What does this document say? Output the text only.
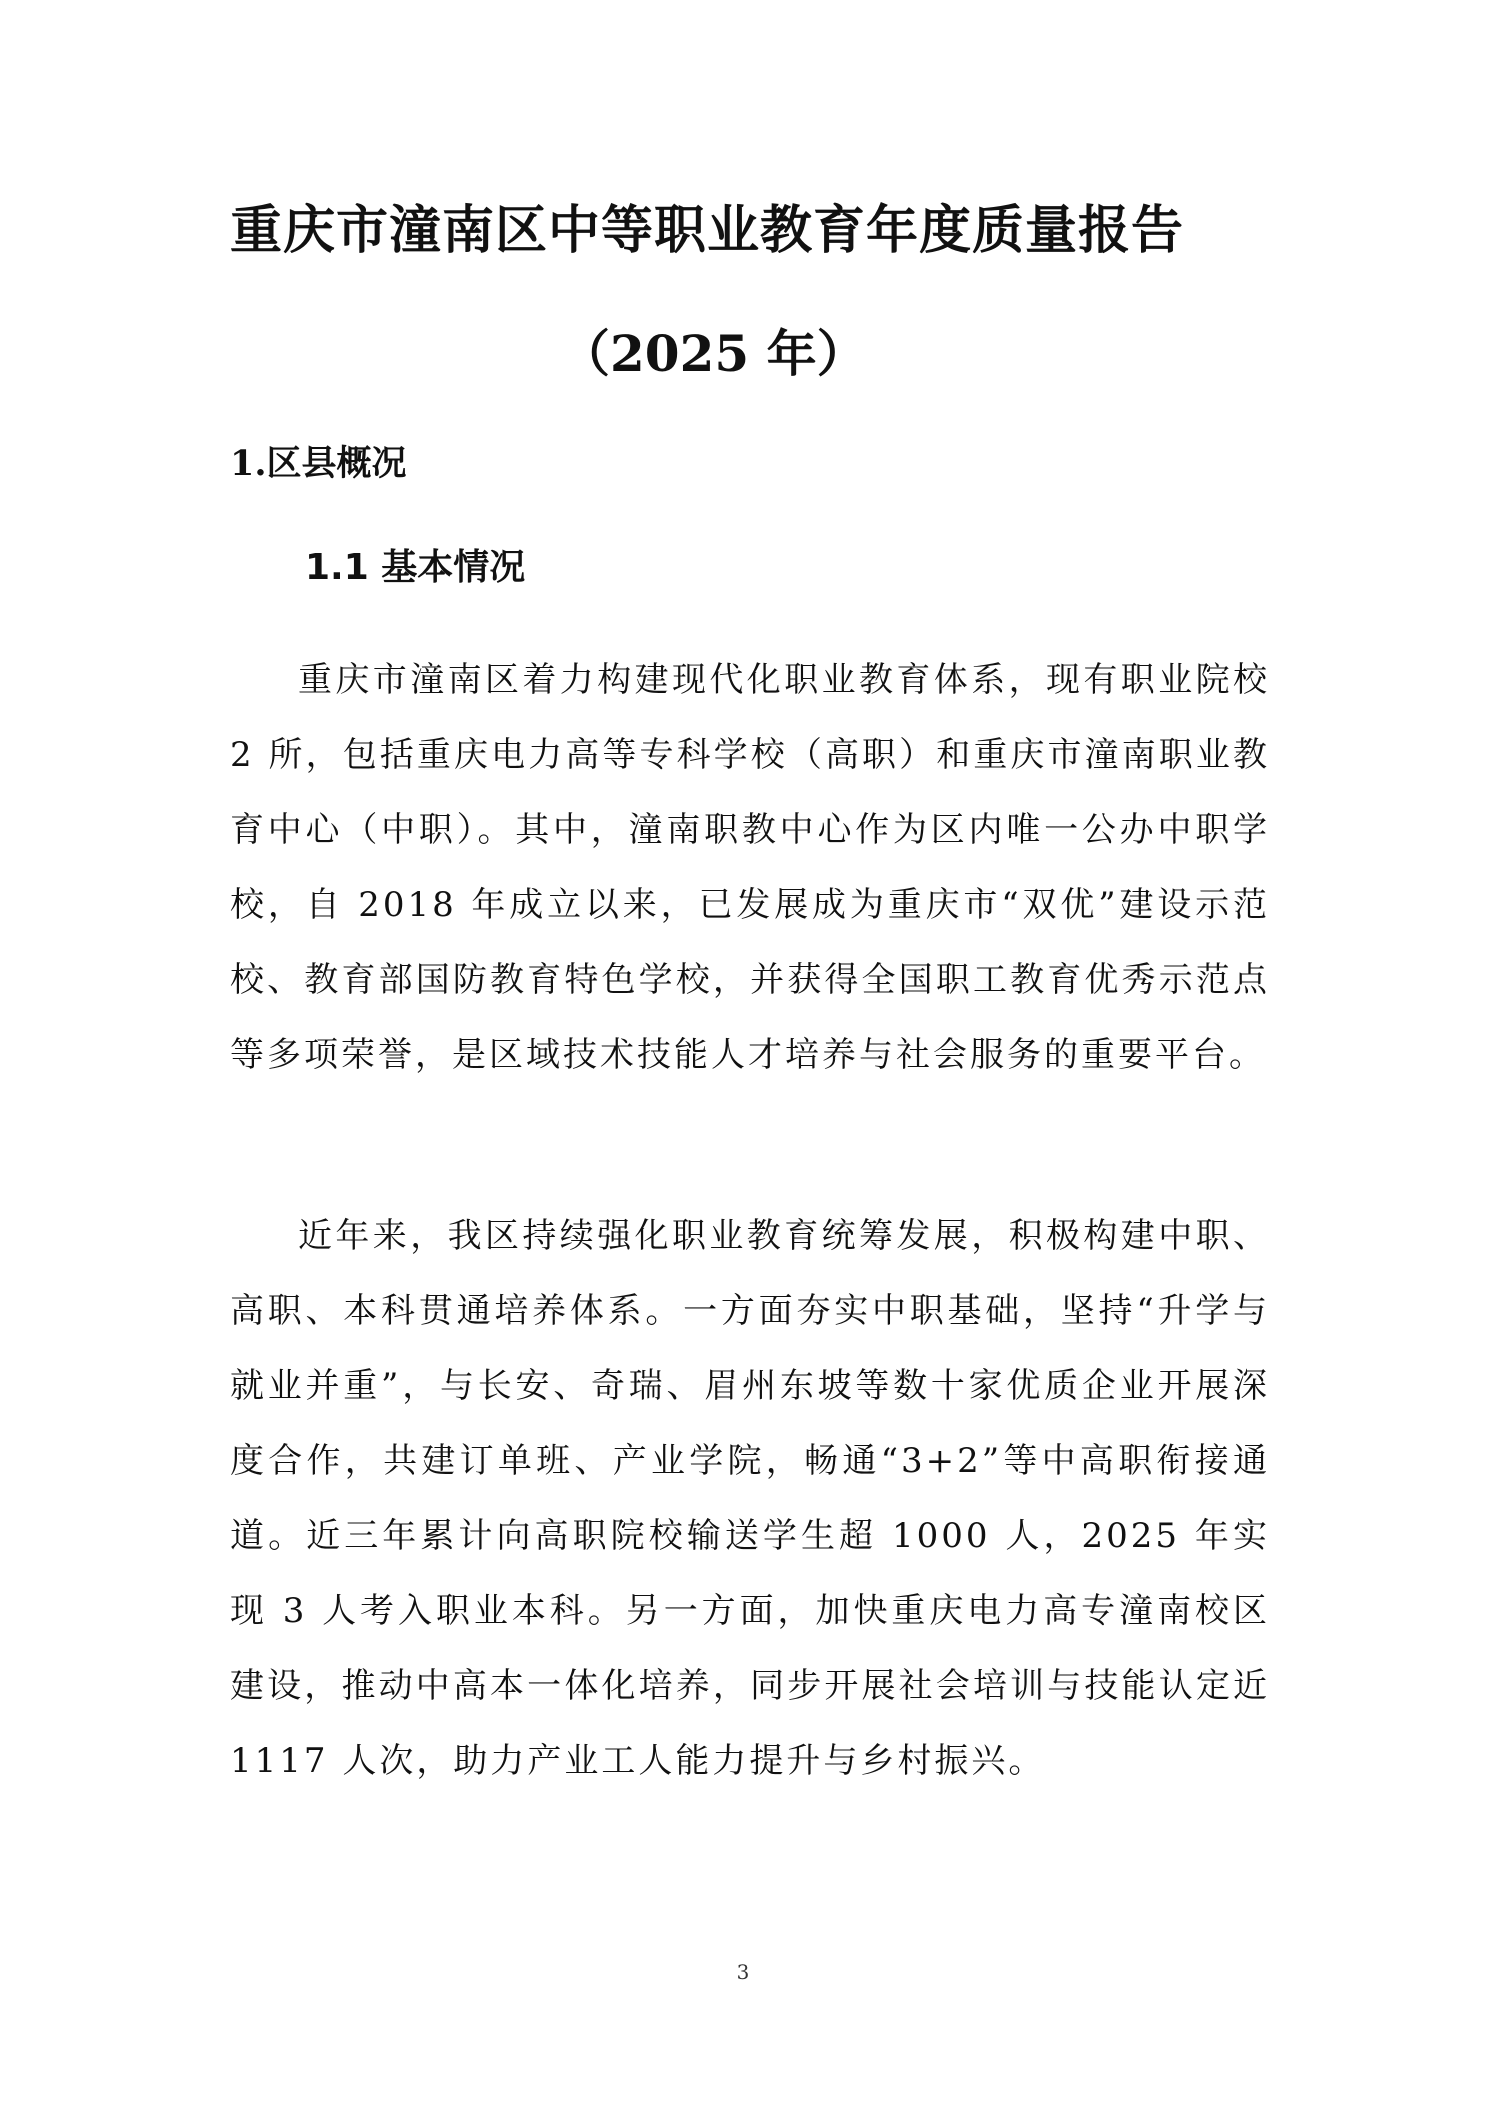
重庆市潼南区中等职业教育年度质量报告
（2025 年）
1.区县概况
1.1 基本情况

重庆市潼南区着力构建现代化职业教育体系，现有职业院校 2 所，包括重庆电力高等专科学校（高职）和重庆市潼南职业教育中心（中职）。其中，潼南职教中心作为区内唯一公办中职学校，自 2018 年成立以来，已发展成为重庆市“双优”建设示范校、教育部国防教育特色学校，并获得全国职工教育优秀示范点等多项荣誉，是区域技术技能人才培养与社会服务的重要平台。

近年来，我区持续强化职业教育统筹发展，积极构建中职、高职、本科贯通培养体系。一方面夯实中职基础，坚持“升学与就业并重”，与长安、奇瑞、眉州东坡等数十家优质企业开展深度合作，共建订单班、产业学院，畅通“3+2”等中高职衔接通道。近三年累计向高职院校输送学生超 1000 人，2025 年实现 3 人考入职业本科。另一方面，加快重庆电力高专潼南校区建设，推动中高本一体化培养，同步开展社会培训与技能认定近 1117 人次，助力产业工人能力提升与乡村振兴。

3
